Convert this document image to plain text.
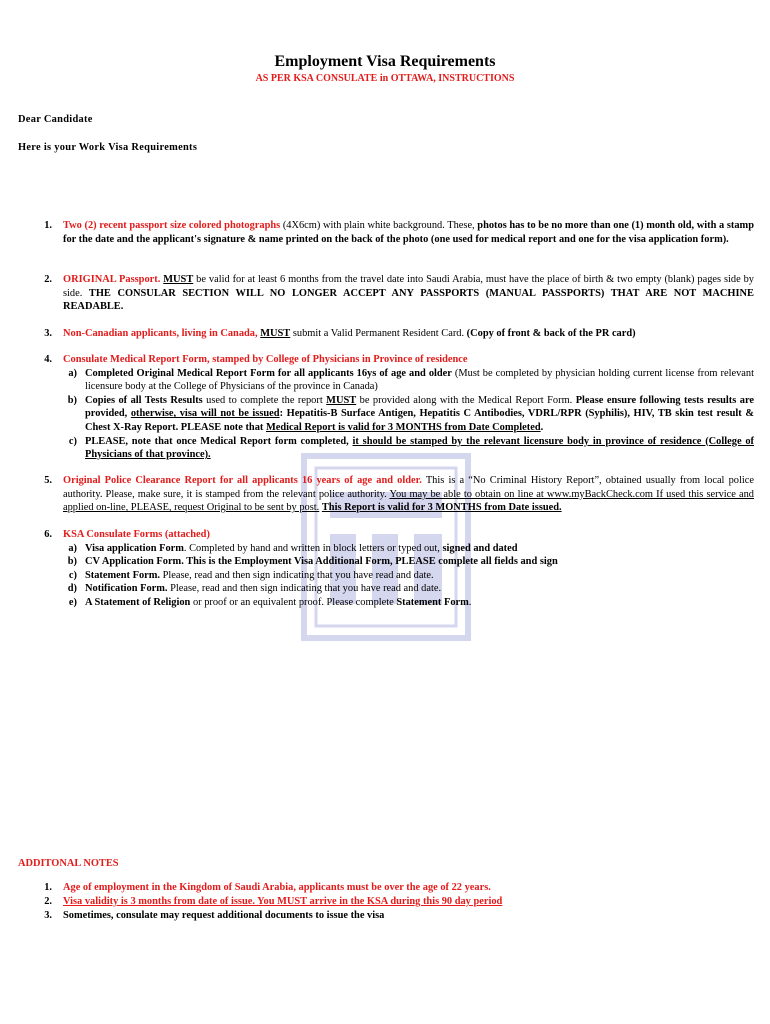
Employment Visa Requirements
AS PER KSA CONSULATE in OTTAWA, INSTRUCTIONS
Dear Candidate
Here is your Work Visa Requirements
1. Two (2) recent passport size colored photographs (4X6cm) with plain white background. These, photos has to be no more than one (1) month old, with a stamp for the date and the applicant's signature & name printed on the back of the photo (one used for medical report and one for the visa application form).
2. ORIGINAL Passport. MUST be valid for at least 6 months from the travel date into Saudi Arabia, must have the place of birth & two empty (blank) pages side by side. THE CONSULAR SECTION WILL NO LONGER ACCEPT ANY PASSPORTS (MANUAL PASSPORTS) THAT ARE NOT MACHINE READABLE.
3. Non-Canadian applicants, living in Canada, MUST submit a Valid Permanent Resident Card. (Copy of front & back of the PR card)
4. Consulate Medical Report Form, stamped by College of Physicians in Province of residence
a) Completed Original Medical Report Form for all applicants 16ys of age and older (Must be completed by physician holding current license from relevant licensure body at the College of Physicians of the province in Canada)
b) Copies of all Tests Results used to complete the report MUST be provided along with the Medical Report Form. Please ensure following tests results are provided, otherwise, visa will not be issued: Hepatitis-B Surface Antigen, Hepatitis C Antibodies, VDRL/RPR (Syphilis), HIV, TB skin test result & Chest X-Ray Report. PLEASE note that Medical Report is valid for 3 MONTHS from Date Completed.
c) PLEASE, note that once Medical Report form completed, it should be stamped by the relevant licensure body in province of residence (College of Physicians of that province).
5. Original Police Clearance Report for all applicants 16 years of age and older. This is a “No Criminal History Report”, obtained usually from local police authority. Please, make sure, it is stamped from the relevant police authority. You may be able to obtain on line at www.myBackCheck.com If used this service and applied on-line, PLEASE, request Original to be sent by post. This Report is valid for 3 MONTHS from Date issued.
6. KSA Consulate Forms (attached)
a) Visa application Form. Completed by hand and written in block letters or typed out, signed and dated
b) CV Application Form. This is the Employment Visa Additional Form, PLEASE complete all fields and sign
c) Statement Form. Please, read and then sign indicating that you have read and date.
d) Notification Form. Please, read and then sign indicating that you have read and date.
e) A Statement of Religion or proof or an equivalent proof. Please complete Statement Form.
ADDITONAL NOTES
1. Age of employment in the Kingdom of Saudi Arabia, applicants must be over the age of 22 years.
2. Visa validity is 3 months from date of issue. You MUST arrive in the KSA during this 90 day period
3. Sometimes, consulate may request additional documents to issue the visa
